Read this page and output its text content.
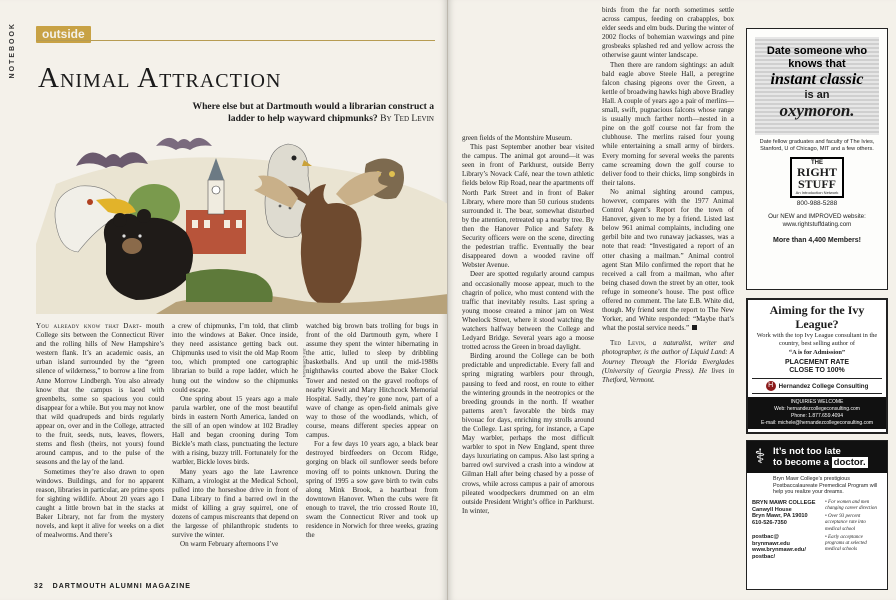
NOTEBOOK	outside
Animal Attraction
Where else but at Dartmouth would a librarian construct a ladder to help wayward chipmunks? By Ted Levin

You already know that Dart- mouth College sits between the Connecticut River and the rolling hills of New Hampshire’s western flank. It’s an academic oasis, an urban island surrounded by the “green silence of wilderness,” to borrow a line from Anne Morrow Lindbergh. You also already know that the campus is laced with greenbelts, some so spacious you could disappear for a while. But you may not know that wild quadrupeds and birds regularly appear on, over and in the College, attracted to the fruit, seeds, nuts, leaves, flowers, stems and flesh (theirs, not yours) found around campus, and to the pulse of the seasons and the lay of the land.

Sometimes they’re also drawn to open windows. Buildings, and for no apparent reason, libraries in particular, are prime spots for sighting wildlife. About 20 years ago I caught a little brown bat in the stacks at Baker Library, not far from the mystery novels, and kept it alive for weeks on a diet of mealworms. And there’s

a crew of chipmunks, I’m told, that climb into the windows at Baker. Once inside, they need assistance getting back out. Chipmunks used to visit the old Map Room too, which prompted one cartographic librarian to build a rope ladder, which he hung out the window so the chipmunks could escape.

One spring about 15 years ago a male parula warbler, one of the most beautiful birds in eastern North America, landed on the sill of an open window at 102 Bradley Hall and began crooning during Tom Bickle’s math class, punctuating the lecture with a rising, buzzy trill. Fortunately for the warbler, Bickle loves birds.

Many years ago the late Lawrence Kilham, a virologist at the Medical School, pulled into the horseshoe drive in front of Dana Library to find a barred owl in the midst of killing a gray squirrel, one of dozens of campus miscreants that depend on the largesse of philanthropic students to survive the winter.

On warm February afternoons I’ve

JIM CORRIGAN

watched big brown bats trolling for bugs in front of the old Dartmouth gym, where I assume they spent the winter hibernating in the attic, lulled to sleep by dribbling basketballs. And up until the mid-1980s nighthawks courted above the Baker Clock Tower and nested on the gravel rooftops of nearby Kiewit and Mary Hitchcock Memorial Hospital. Sadly, they’re gone now, part of a wave of change as open-field animals give way to those of the woodlands, which, of course, means different species appear on campus.

For a few days 10 years ago, a black bear destroyed birdfeeders on Occom Ridge, gorging on black oil sunflower seeds before moving off to points unknown. During the spring of 1995 a sow gave birth to twin cubs along Mink Brook, a heartbeat from downtown Hanover. When the cubs were fit enough to travel, the trio crossed Route 10, swam the Connecticut River and took up residence in Norwich for three weeks, grazing the

32 DARTMOUTH ALUMNI MAGAZINE

green fields of the Montshire Museum.

This past September another bear visited the campus. The animal got around—it was seen in front of Parkhurst, outside Berry Library’s Novack Café, near the town athletic fields below Rip Road, near the apartments off North Park Street and in front of Baker Library, where more than 50 curious students surrounded it. The bear, somewhat disturbed by the attention, retreated up a nearby tree. By then the Hanover Police and Safety & Security officers were on the scene, directing the pedestrian traffic. Eventually the bear disappeared down a wooded ravine off Webster Avenue.

Deer are spotted regularly around campus and occasionally moose appear, much to the chagrin of police, who must contend with the traffic that inevitably results. Last spring a young moose created a minor jam on West Wheelock Street, where it stood watching the watchers halfway between the College and Ledyard Bridge. Several years ago a moose trotted across the Green in broad daylight.

Birding around the College can be both predictable and unpredictable. Every fall and spring migrating warblers pour through, pausing to feed and roost, en route to either the wintering grounds in the neotropics or the breeding grounds in the north. If weather patterns aren’t favorable the birds may bivouac for days, enriching my strolls around the College. Last spring, for instance, a Cape May warbler, perhaps the most difficult warbler to spot in New England, spent three days luxuriating on campus. Also last spring a barred owl survived a crash into a window at Gilman Hall after being chased by a posse of crows, while across campus a pair of amorous pileated woodpeckers drummed on an elm outside President Wright’s office in Parkhurst. In winter,

birds from the far north sometimes settle across campus, feeding on crabapples, box elder seeds and elm buds. During the winter of 2002 flocks of bohemian waxwings and pine grosbeaks splashed red and yellow across the otherwise gaunt winter landscape.

Then there are random sightings: an adult bald eagle above Steele Hall, a peregrine falcon chasing pigeons over the Green, a kettle of broadwing hawks high above Bradley Hall. A couple of years ago a pair of merlins—small, swift, pugnacious falcons whose range is usually much farther north—nested in a pine on the golf course not far from the clubhouse. The merlins raised four young while entertaining a small army of birders. Every morning for several weeks the parents came screaming down the golf course to deliver food to their chicks, limp songbirds in their talons.

No animal sighting around campus, however, compares with the 1977 Animal Control Agent’s Report for the town of Hanover, given to me by a friend. Listed last below 961 animal complaints, including one gerbil bite and two runaway jackasses, was a note that read: “Investigated a report of an otter chasing a mailman.” Animal control agent Stan Milo confirmed the report that he received a call from a mailman, who after being chased down the street by an otter, took refuge in someone’s house. The post office offered no comment. The late E.B. White did, though. My friend sent the report to The New Yorker, and White responded: “Maybe that’s what the postal service needs.”

Ted Levin, a naturalist, writer and photographer, is the author of Liquid Land: A Journey Through the Florida Everglades (University of Georgia Press). He lives in Thetford, Vermont.

Date someone who
knows that
instant classic
is an
oxymoron.
Date fellow graduates and faculty of The Ivies, Stanford, U of Chicago, MIT and a few others.
THE
RIGHT STUFF
An Introduction Network
800-988-5288
Our NEW and IMPROVED website: www.rightstuffdating.com
More than 4,400 Members!
Aiming for the Ivy League?
Work with the top Ivy League consultant in the country, best selling author of
“A is for Admission”
PLACEMENT RATE
CLOSE TO 100%
H Hernandez College Consulting
INQUIRIES WELCOME
Web: hernandezcollegeconsulting.com
Phone: 1.877.659.4094
E-mail: michele@hernandezcollegeconsulting.com
⚕ It’s not too late
to become a doctor.
Bryn Mawr College’s prestigious Postbaccalaureate Premedical Program will help you realize your dreams.
BRYN MAWR COLLEGE
Canwyll House
Bryn Mawr, PA 19010
610-526-7350

postbac@
brynmawr.edu
www.brynmawr.edu/
postbac/
• For women and men changing career direction
• Over 93 percent acceptance rate into medical school
• Early acceptance programs at selected medical schools
